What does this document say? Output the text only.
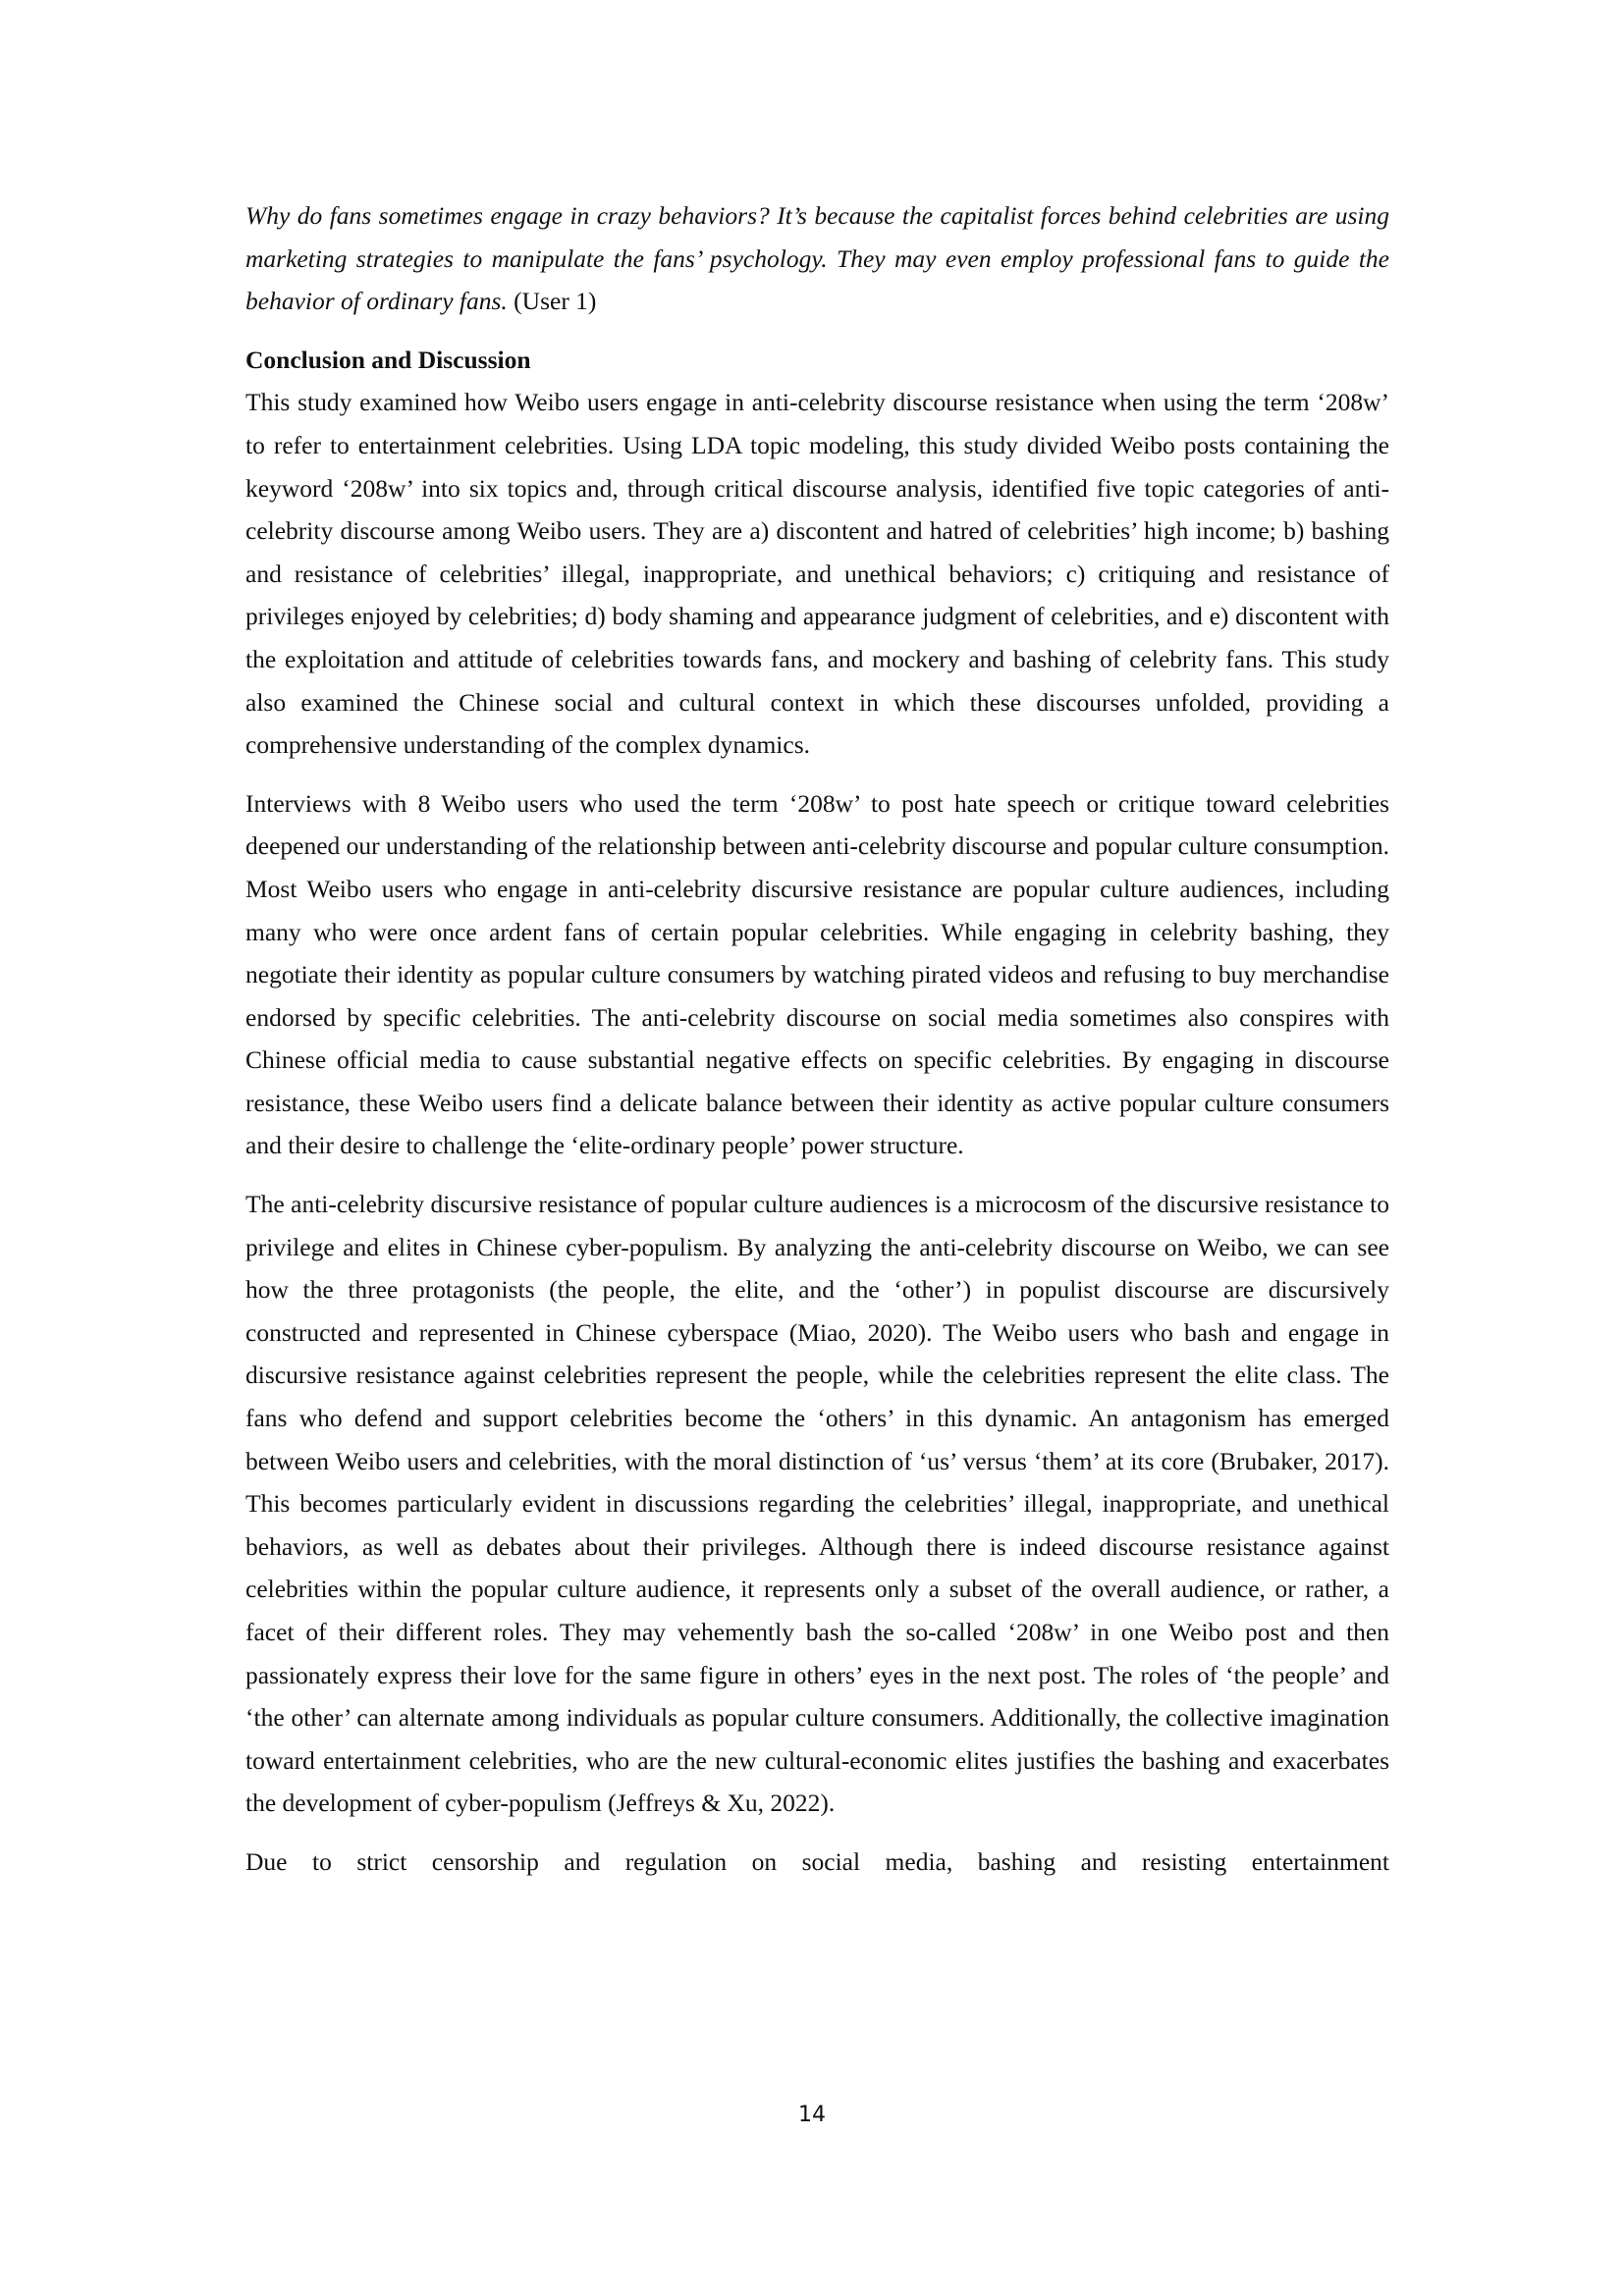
Why do fans sometimes engage in crazy behaviors? It’s because the capitalist forces behind celebrities are using marketing strategies to manipulate the fans’ psychology. They may even employ professional fans to guide the behavior of ordinary fans. (User 1)

Conclusion and Discussion

This study examined how Weibo users engage in anti-celebrity discourse resistance when using the term ‘208w’ to refer to entertainment celebrities. Using LDA topic modeling, this study divided Weibo posts containing the keyword ‘208w’ into six topics and, through critical discourse analysis, identified five topic categories of anti-celebrity discourse among Weibo users. They are a) discontent and hatred of celebrities’ high income; b) bashing and resistance of celebrities’ illegal, inappropriate, and unethical behaviors; c) critiquing and resistance of privileges enjoyed by celebrities; d) body shaming and appearance judgment of celebrities, and e) discontent with the exploitation and attitude of celebrities towards fans, and mockery and bashing of celebrity fans. This study also examined the Chinese social and cultural context in which these discourses unfolded, providing a comprehensive understanding of the complex dynamics.

Interviews with 8 Weibo users who used the term ‘208w’ to post hate speech or critique toward celebrities deepened our understanding of the relationship between anti-celebrity discourse and popular culture consumption. Most Weibo users who engage in anti-celebrity discursive resistance are popular culture audiences, including many who were once ardent fans of certain popular celebrities. While engaging in celebrity bashing, they negotiate their identity as popular culture consumers by watching pirated videos and refusing to buy merchandise endorsed by specific celebrities. The anti-celebrity discourse on social media sometimes also conspires with Chinese official media to cause substantial negative effects on specific celebrities. By engaging in discourse resistance, these Weibo users find a delicate balance between their identity as active popular culture consumers and their desire to challenge the ‘elite-ordinary people’ power structure.

The anti-celebrity discursive resistance of popular culture audiences is a microcosm of the discursive resistance to privilege and elites in Chinese cyber-populism. By analyzing the anti-celebrity discourse on Weibo, we can see how the three protagonists (the people, the elite, and the ‘other’) in populist discourse are discursively constructed and represented in Chinese cyberspace (Miao, 2020). The Weibo users who bash and engage in discursive resistance against celebrities represent the people, while the celebrities represent the elite class. The fans who defend and support celebrities become the ‘others’ in this dynamic. An antagonism has emerged between Weibo users and celebrities, with the moral distinction of ‘us’ versus ‘them’ at its core (Brubaker, 2017). This becomes particularly evident in discussions regarding the celebrities’ illegal, inappropriate, and unethical behaviors, as well as debates about their privileges. Although there is indeed discourse resistance against celebrities within the popular culture audience, it represents only a subset of the overall audience, or rather, a facet of their different roles. They may vehemently bash the so-called ‘208w’ in one Weibo post and then passionately express their love for the same figure in others’ eyes in the next post. The roles of ‘the people’ and ‘the other’ can alternate among individuals as popular culture consumers. Additionally, the collective imagination toward entertainment celebrities, who are the new cultural-economic elites justifies the bashing and exacerbates the development of cyber-populism (Jeffreys & Xu, 2022).

Due to strict censorship and regulation on social media, bashing and resisting entertainment

14
